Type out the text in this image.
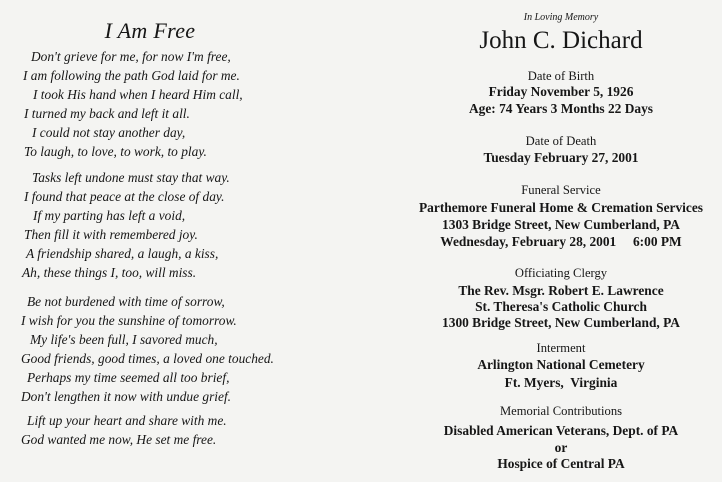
I Am Free
Don't grieve for me, for now I'm free,
I am following the path God laid for me.
I took His hand when I heard Him call,
I turned my back and left it all.
I could not stay another day,
To laugh, to love, to work, to play.
Tasks left undone must stay that way.
I found that peace at the close of day.
If my parting has left a void,
Then fill it with remembered joy.
A friendship shared, a laugh, a kiss,
Ah, these things I, too, will miss.
Be not burdened with time of sorrow,
I wish for you the sunshine of tomorrow.
My life's been full, I savored much,
Good friends, good times, a loved one touched.
Perhaps my time seemed all too brief,
Don't lengthen it now with undue grief.
Lift up your heart and share with me.
God wanted me now, He set me free.
In Loving Memory
John C. Dichard
Date of Birth
Friday November 5, 1926
Age: 74 Years 3 Months 22 Days
Date of Death
Tuesday February 27, 2001
Funeral Service
Parthemore Funeral Home & Cremation Services
1303 Bridge Street, New Cumberland, PA
Wednesday, February 28, 2001     6:00 PM
Officiating Clergy
The Rev. Msgr. Robert E. Lawrence
St. Theresa's Catholic Church
1300 Bridge Street, New Cumberland, PA
Interment
Arlington National Cemetery
Ft. Myers,  Virginia
Memorial Contributions
Disabled American Veterans, Dept. of PA
or
Hospice of Central PA
